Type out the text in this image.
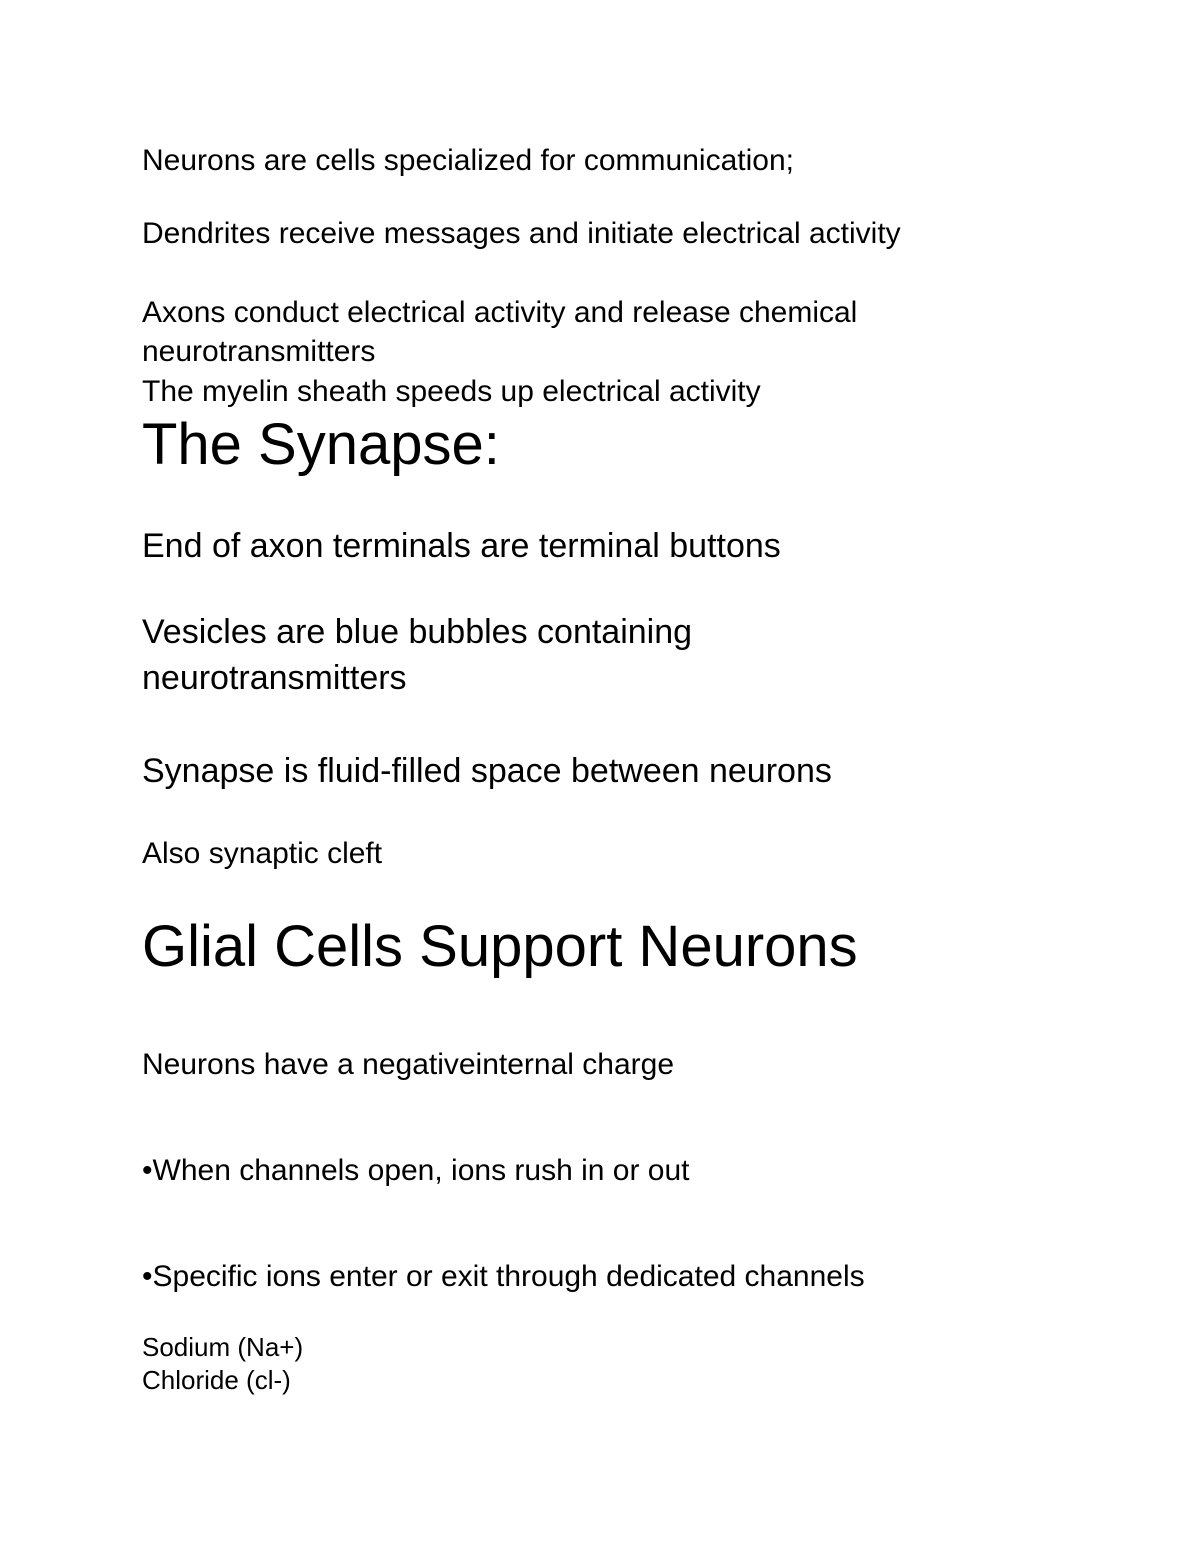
Neurons are cells specialized for communication;

Dendrites receive messages and initiate electrical activity

Axons conduct electrical activity and release chemical

neurotransmitters

The myelin sheath speeds up electrical activity

The Synapse:

End of axon terminals are terminal buttons

Vesicles are blue bubbles containing

neurotransmitters

Synapse is fluid-filled space between neurons

Also synaptic cleft

Glial Cells Support Neurons

Neurons have a negativeinternal charge

•When channels open, ions rush in or out

•Specific ions enter or exit through dedicated channels

Sodium (Na+)

Chloride (cl-)
